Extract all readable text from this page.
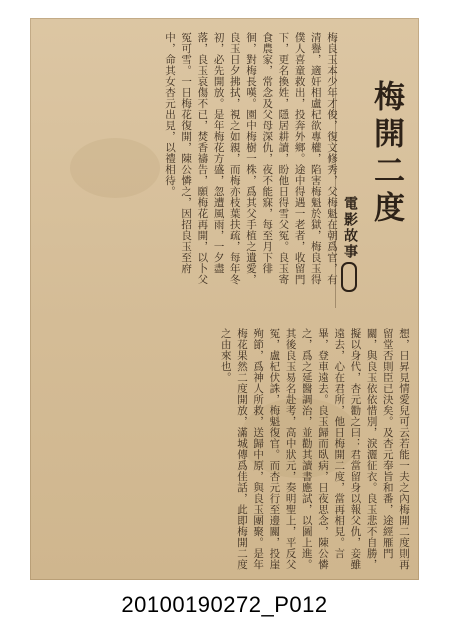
梅良玉本少年才俊，復文修秀，父梅魁在朝爲官，有清譽，適奸相盧杞欲專權，陷害梅魁於獄，梅良玉得僕人喜童救出，投奔外鄉。途中得遇一老者，收留門下，更名換姓，隱居耕讀，盼他日得雪父冤。良玉寄食農家，常念及父母深仇，夜不能寐，每至月下徘徊，對梅長嘆。園中梅樹一株，爲其父手植之遺愛，良玉日夕拂拭，視之如親，而梅亦枝葉扶疏，每年冬初，必先開放。是年梅花方盛，忽遭風雨，一夕盡落，良玉哀傷不已，焚香禱告，願梅花再開，以卜父冤可雪。一日梅花復開，陳公憐之，因招良玉至府中，命其女杏元出見，以禮相待。	梅開二度
電影故事
想，日昇見情愛兒可云若能一夫之內梅開二度則再留堂否則臣已決矣。及杏元奉旨和番，途經雁門關，與良玉依依惜別，淚灑征衣。良玉悲不自勝，擬以身代，杏元勸之曰：君當留身以報父仇，妾雖遠去，心在君所，他日梅開二度，當再相見。言畢，登車遠去。良玉歸而臥病，日夜思念，陳公憐之，爲之延醫調治，並勸其讀書應試，以圖上進。其後良玉易名赴考，高中狀元，奏明聖上，平反父冤，盧杞伏誅，梅魁復官。而杏元行至邊關，投崖殉節，爲神人所救，送歸中原，與良玉團聚。是年梅花果然二度開放，滿城傳爲佳話，此即梅開二度之由來也。
20100190272_P012
